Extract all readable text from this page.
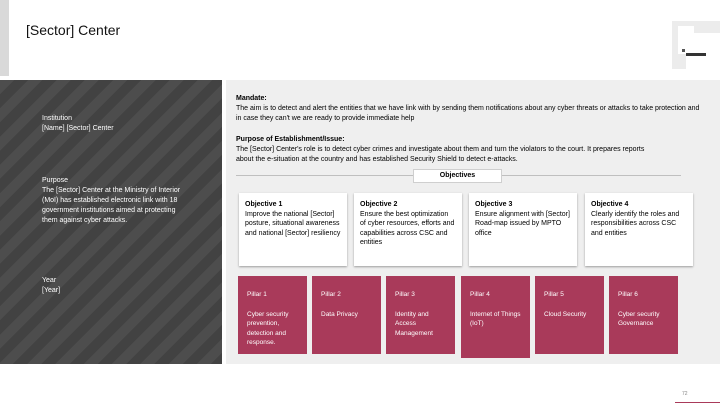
[Sector] Center
Institution
[Name] [Sector] Center
Purpose
The [Sector] Center at the Ministry of Interior (MoI) has established electronic link with 18 government institutions aimed at protecting them against cyber attacks.
Year
[Year]
Mandate:
The aim is to detect and alert the entities that we have link with by sending them notifications about any cyber threats or attacks to take protection and in case they can't we are ready to provide immediate help
Purpose of Establishment/Issue:
The [Sector] Center's role is to detect cyber crimes and investigate about them and turn the violators to the court. It prepares reports about the e-situation at the country and has established Security Shield to detect e-attacks.
Objectives
Objective 1
Improve the national [Sector] posture, situational awareness and national [Sector] resiliency
Objective 2
Ensure the best optimization of cyber resources, efforts and capabilities across CSC and entities
Objective 3
Ensure alignment with [Sector] Road-map issued by MPTO office
Objective 4
Clearly identify the roles and responsibilities across CSC and entities
Pillar 1
Cyber security prevention, detection and response.
Pillar 2
Data Privacy
Pillar 3
Identity and Access Management
Pillar 4
Internet of Things (IoT)
Pillar 5
Cloud Security
Pillar 6
Cyber security Governance
72
